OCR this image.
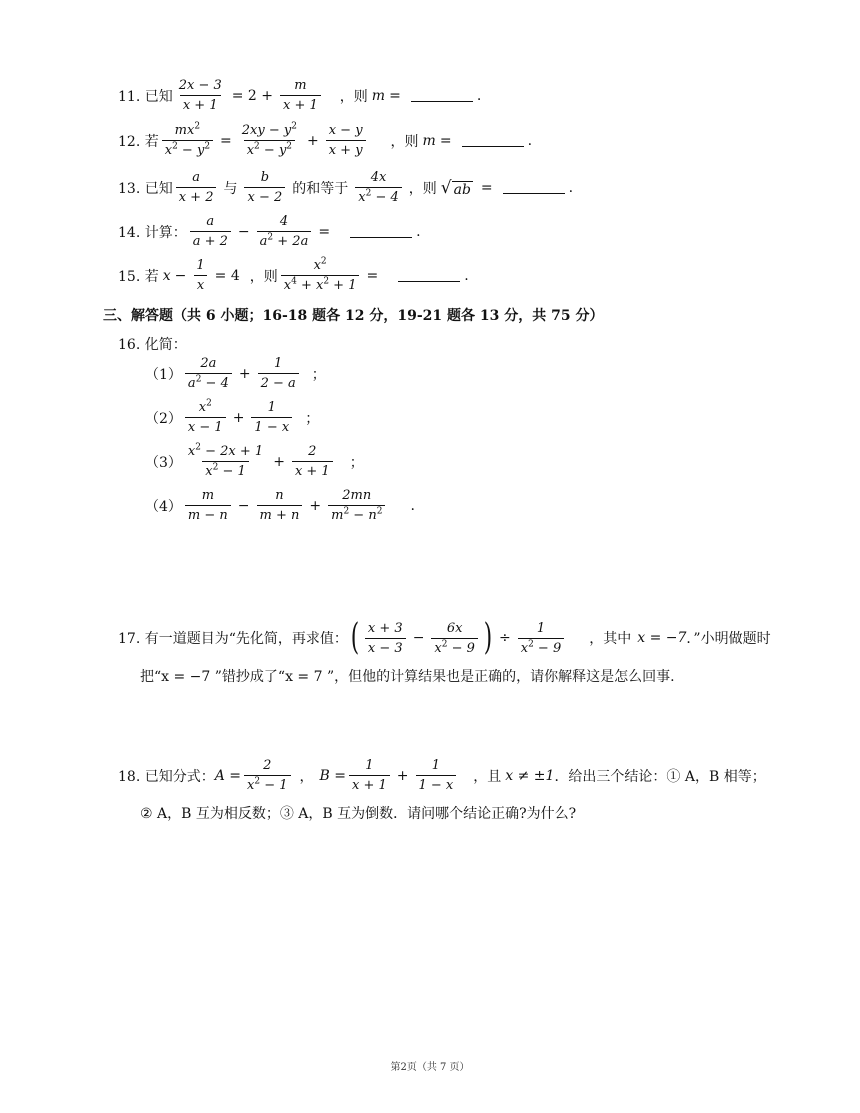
11. 已知 $\frac{2x - 3}{x + 1} = 2 + \frac{m}{x + 1}$ ，则 m =	.
12. 若 $\frac{mx^2}{x^2 - y^2} = \frac{2xy - y^2}{x^2 - y^2} + \frac{x - y}{x + y}$ ，则 m =	.
13. 已知 $\frac{a}{x + 2}$ 与 $\frac{b}{x - 2}$ 的和等于 $\frac{4x}{x^2 - 4}$ ，则 √ ab =	.
14. 计算： $\frac{a}{a + 2} - \frac{4}{a^2 + 2a}$ =	.
15. 若 $x - \frac{1}{x} = 4$ ，则 $\frac{x^2}{x^4 + x^2 + 1}$ =	.
三、解答题（共 6 小题；16-18 题各 12 分，19-21 题各 13 分，共 75 分）
16. 化简：
$(1) \frac{2a}{a^2 - 4} + \frac{1}{2 - a}$ ；
$(2) \frac{x^2}{x - 1} + \frac{1}{1 - x}$ ；
$(3) \frac{x^2 - 2x + 1}{x^2 - 1} + \frac{2}{x + 1}$ ；
$(4) \frac{m}{m - n} - \frac{n}{m + n} + \frac{2mn}{m^2 - n^2}$ .
17. 有一道题目为“先化简，再求值： ( $\frac{x + 3}{x - 3} - \frac{6x}{x^2 - 9}$ ) ÷ $\frac{1}{x^2 - 9}$ ，其中 x = −7 ．”小明做题时
把“x = −7 ”错抄成了“x = 7 ”，但他的计算结果也是正确的，请你解释这是怎么回事.
18. 已知分式： $A = \frac{2}{x^2 - 1}$ ， $B = \frac{1}{x + 1} + \frac{1}{1 - x}$ ，且 x ≠ ±1 ．给出三个结论：① A，B 相等；
② A，B 互为相反数；③ A，B 互为倒数．请问哪个结论正确?为什么?
第2页（共 7 页）
